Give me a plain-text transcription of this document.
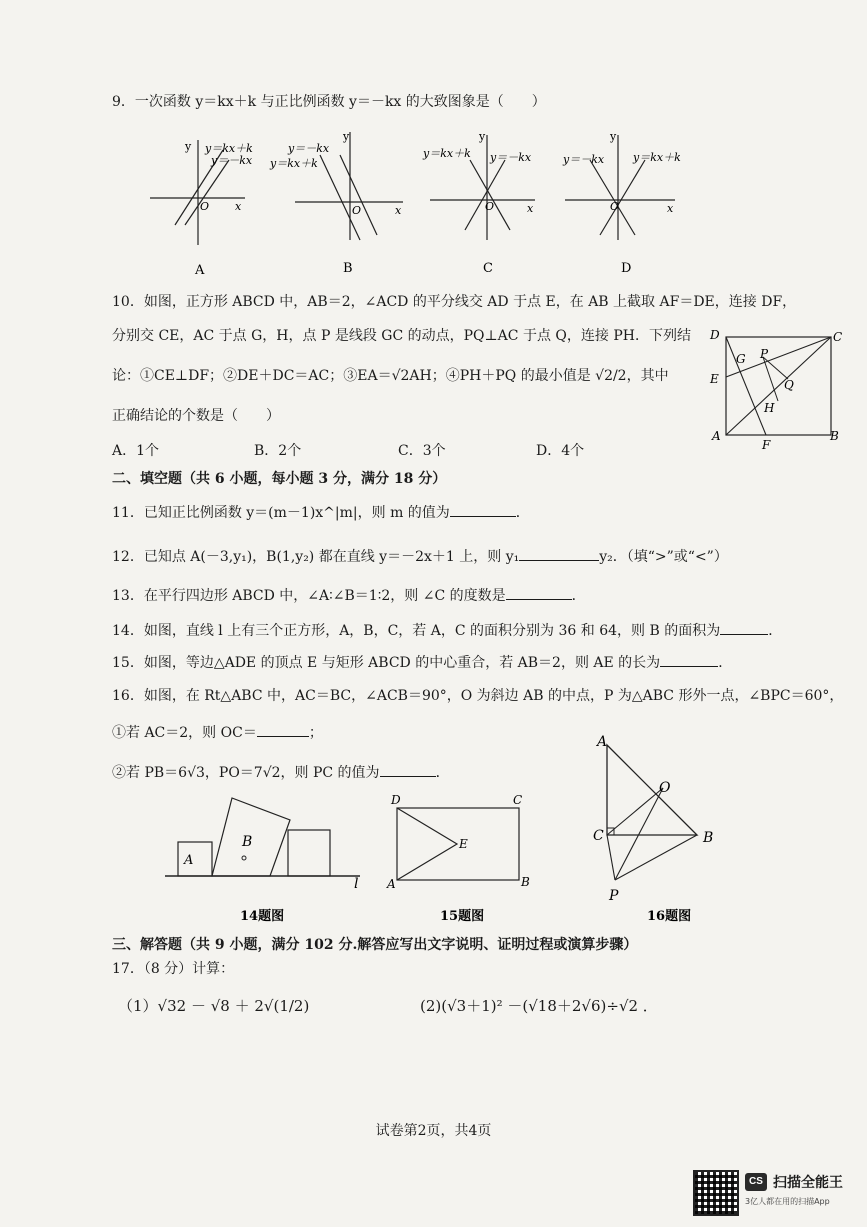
9．一次函数 y＝kx＋k 与正比例函数 y＝－kx 的大致图象是（　　）
y y＝kx＋k
y＝－kx
O x
A
y
y＝－kx
y＝kx＋k
O	x
B
y
y＝kx＋k y＝－kx
O	x
C
y
y＝－kx	y＝kx＋k
O	x
D
10．如图，正方形 ABCD 中，AB＝2，∠ACD 的平分线交 AD 于点 E，在 AB 上截取 AF＝DE，连接 DF，
分别交 CE，AC 于点 G，H，点 P 是线段 GC 的动点，PQ⊥AC 于点 Q，连接 PH．下列结
论：①CE⊥DF；②DE＋DC＝AC；③EA＝√2AH；④PH＋PQ 的最小值是 √2/2，其中
正确结论的个数是（　　）
A．1个	B．2个	C．3个	D．4个
D	C
G P
E	Q
H
A
F
B
二、填空题（共 6 小题，每小题 3 分，满分 18 分）
11．已知正比例函数 y＝(m－1)x^|m|，则 m 的值为	．
12．已知点 A(－3,y₁)，B(1,y₂) 都在直线 y＝－2x＋1 上，则 y₁	y₂．（填“>”或“<”）
13．在平行四边形 ABCD 中，∠A∶∠B＝1∶2，则 ∠C 的度数是	．
14．如图，直线 l 上有三个正方形，A，B，C，若 A，C 的面积分别为 36 和 64，则 B 的面积为	．
15．如图，等边△ADE 的顶点 E 与矩形 ABCD 的中心重合，若 AB＝2，则 AE 的长为	．
16．如图，在 Rt△ABC 中，AC＝BC，∠ACB＝90°，O 为斜边 AB 的中点，P 为△ABC 形外一点，∠BPC＝60°，
①若 AC＝2，则 OC＝	；
②若 PB＝6√3，PO＝7√2，则 PC 的值为	．
A
B
l
14题图
D	C
E
A	B
15题图
A
O
C	B
P
16题图
三、解答题（共 9 小题，满分 102 分.解答应写出文字说明、证明过程或演算步骤）
17．（8 分）计算：
（1）√32 － √8 ＋ 2√(1/2)	(2)(√3＋1)² －(√18＋2√6)÷√2 ．
试卷第2页，共4页
CS 扫描全能王
3亿人都在用的扫描App
